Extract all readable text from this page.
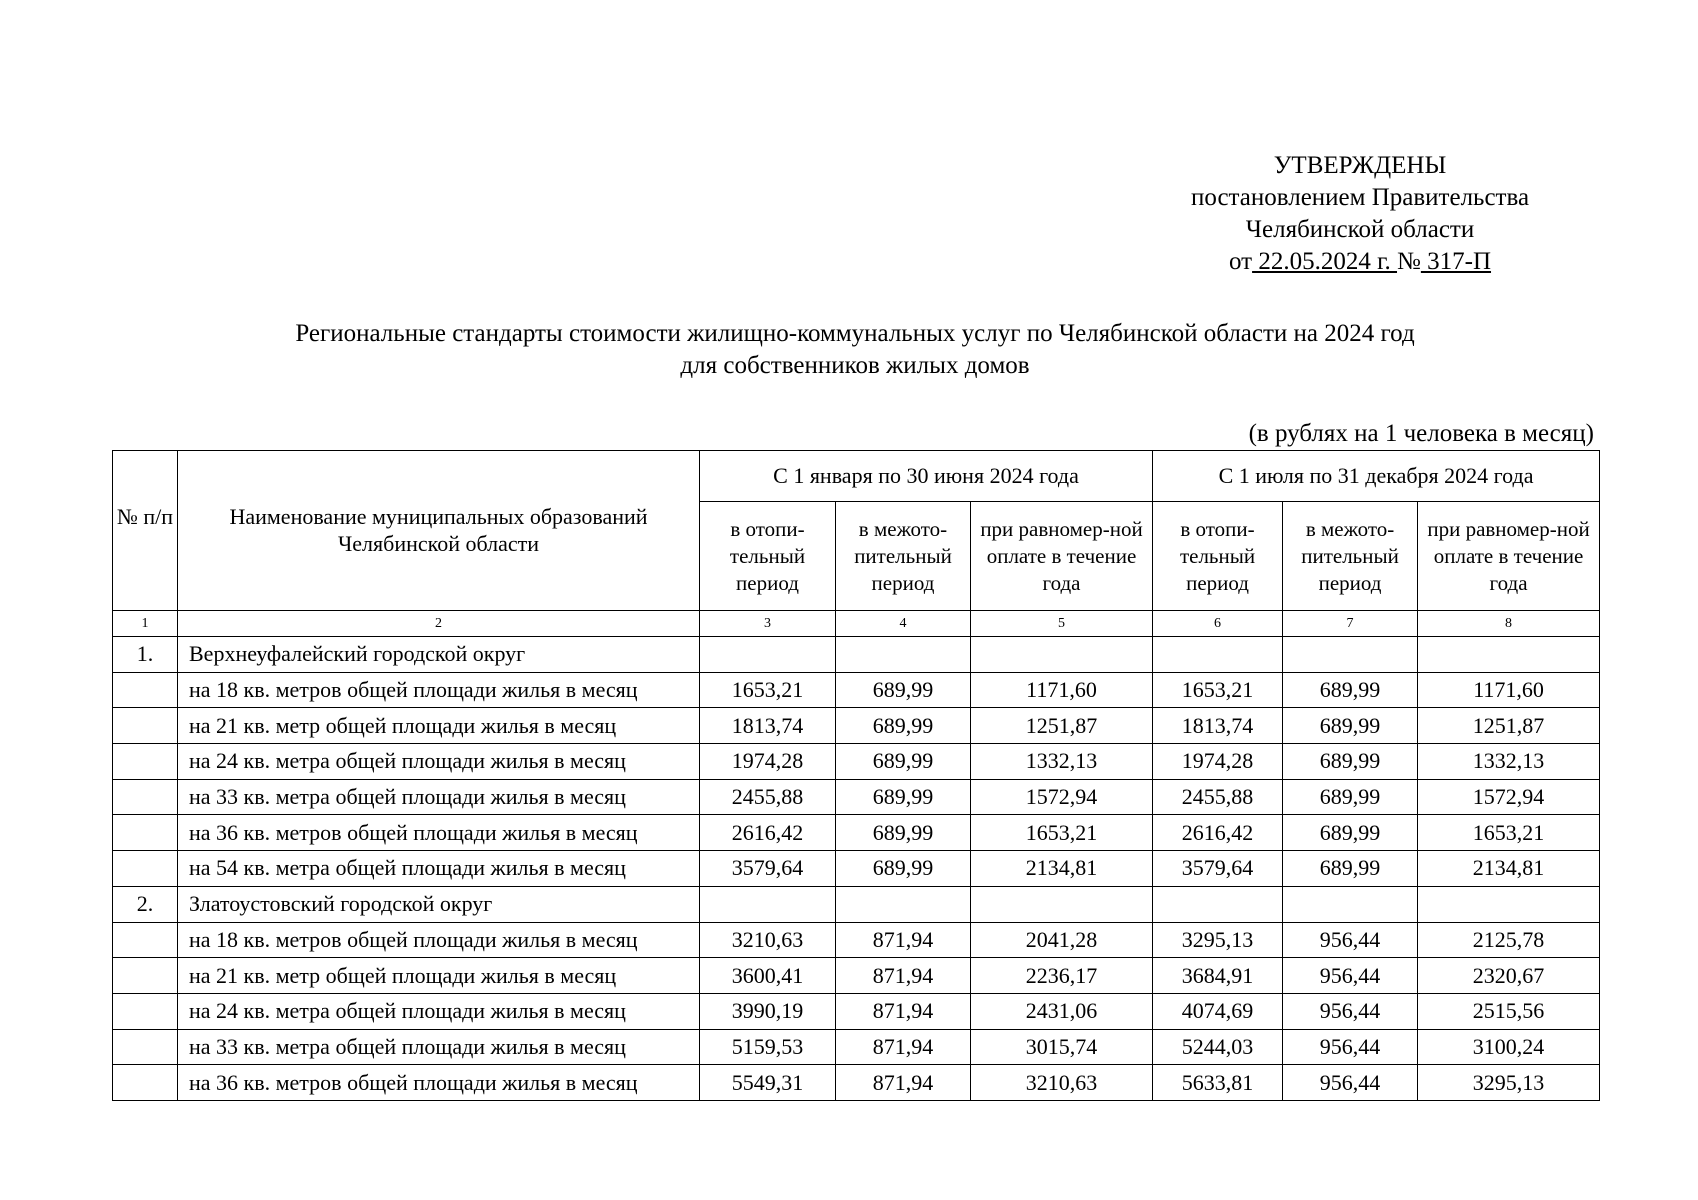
УТВЕРЖДЕНЫ
постановлением Правительства
Челябинской области
от 22.05.2024 г. № 317-П
Региональные стандарты стоимости жилищно-коммунальных услуг по Челябинской области на 2024 год
для собственников жилых домов
(в рублях на 1 человека в месяц)
№ п/п	Наименование муниципальных образований Челябинской области	С 1 января по 30 июня 2024 года			С 1 июля по 31 декабря 2024 года		
		в отопи-тельный период	в межото-пительный период	при равномер-ной оплате в течение года	в отопи-тельный период	в межото-пительный период	при равномер-ной оплате в течение года
1	2	3	4	5	6	7	8
1.	Верхнеуфалейский городской округ						
	на 18 кв. метров общей площади жилья в месяц	1653,21	689,99	1171,60	1653,21	689,99	1171,60
	на 21 кв. метр общей площади жилья в месяц	1813,74	689,99	1251,87	1813,74	689,99	1251,87
	на 24 кв. метра общей площади жилья в месяц	1974,28	689,99	1332,13	1974,28	689,99	1332,13
	на 33 кв. метра общей площади жилья в месяц	2455,88	689,99	1572,94	2455,88	689,99	1572,94
	на 36 кв. метров общей площади жилья в месяц	2616,42	689,99	1653,21	2616,42	689,99	1653,21
	на 54 кв. метра общей площади жилья в месяц	3579,64	689,99	2134,81	3579,64	689,99	2134,81
2.	Златоустовский городской округ						
	на 18 кв. метров общей площади жилья в месяц	3210,63	871,94	2041,28	3295,13	956,44	2125,78
	на 21 кв. метр общей площади жилья в месяц	3600,41	871,94	2236,17	3684,91	956,44	2320,67
	на 24 кв. метра общей площади жилья в месяц	3990,19	871,94	2431,06	4074,69	956,44	2515,56
	на 33 кв. метра общей площади жилья в месяц	5159,53	871,94	3015,74	5244,03	956,44	3100,24
	на 36 кв. метров общей площади жилья в месяц	5549,31	871,94	3210,63	5633,81	956,44	3295,13
